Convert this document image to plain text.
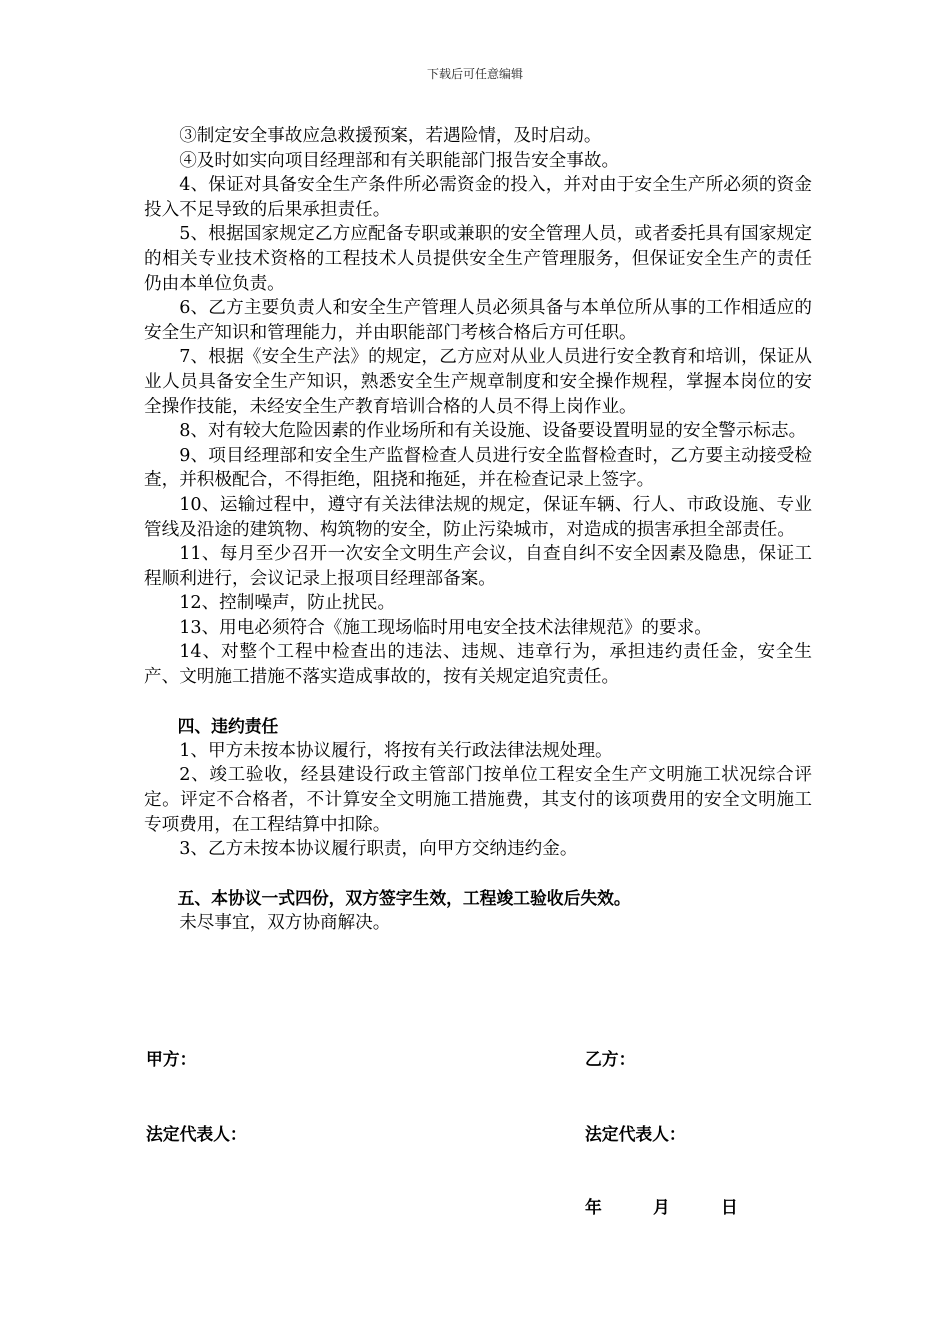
下载后可任意编辑

③制定安全事故应急救援预案，若遇险情，及时启动。

④及时如实向项目经理部和有关职能部门报告安全事故。

4、保证对具备安全生产条件所必需资金的投入，并对由于安全生产所必须的资金投入不足导致的后果承担责任。

5、根据国家规定乙方应配备专职或兼职的安全管理人员，或者委托具有国家规定的相关专业技术资格的工程技术人员提供安全生产管理服务，但保证安全生产的责任仍由本单位负责。

6、乙方主要负责人和安全生产管理人员必须具备与本单位所从事的工作相适应的安全生产知识和管理能力，并由职能部门考核合格后方可任职。

7、根据《安全生产法》的规定，乙方应对从业人员进行安全教育和培训，保证从业人员具备安全生产知识，熟悉安全生产规章制度和安全操作规程，掌握本岗位的安全操作技能，未经安全生产教育培训合格的人员不得上岗作业。

8、对有较大危险因素的作业场所和有关设施、设备要设置明显的安全警示标志。

9、项目经理部和安全生产监督检查人员进行安全监督检查时，乙方要主动接受检查，并积极配合，不得拒绝，阻挠和拖延，并在检查记录上签字。

10、运输过程中，遵守有关法律法规的规定，保证车辆、行人、市政设施、专业管线及沿途的建筑物、构筑物的安全，防止污染城市，对造成的损害承担全部责任。

11、每月至少召开一次安全文明生产会议，自查自纠不安全因素及隐患，保证工程顺利进行，会议记录上报项目经理部备案。

12、控制噪声，防止扰民。

13、用电必须符合《施工现场临时用电安全技术法律规范》的要求。

14、对整个工程中检查出的违法、违规、违章行为，承担违约责任金，安全生产、文明施工措施不落实造成事故的，按有关规定追究责任。

四、违约责任

1、甲方未按本协议履行，将按有关行政法律法规处理。

2、竣工验收，经县建设行政主管部门按单位工程安全生产文明施工状况综合评定。评定不合格者，不计算安全文明施工措施费，其支付的该项费用的安全文明施工专项费用，在工程结算中扣除。

3、乙方未按本协议履行职责，向甲方交纳违约金。

五、本协议一式四份，双方签字生效，工程竣工验收后失效。

未尽事宜，双方协商解决。

甲方：	乙方：
法定代表人：	法定代表人：
年	月	日
